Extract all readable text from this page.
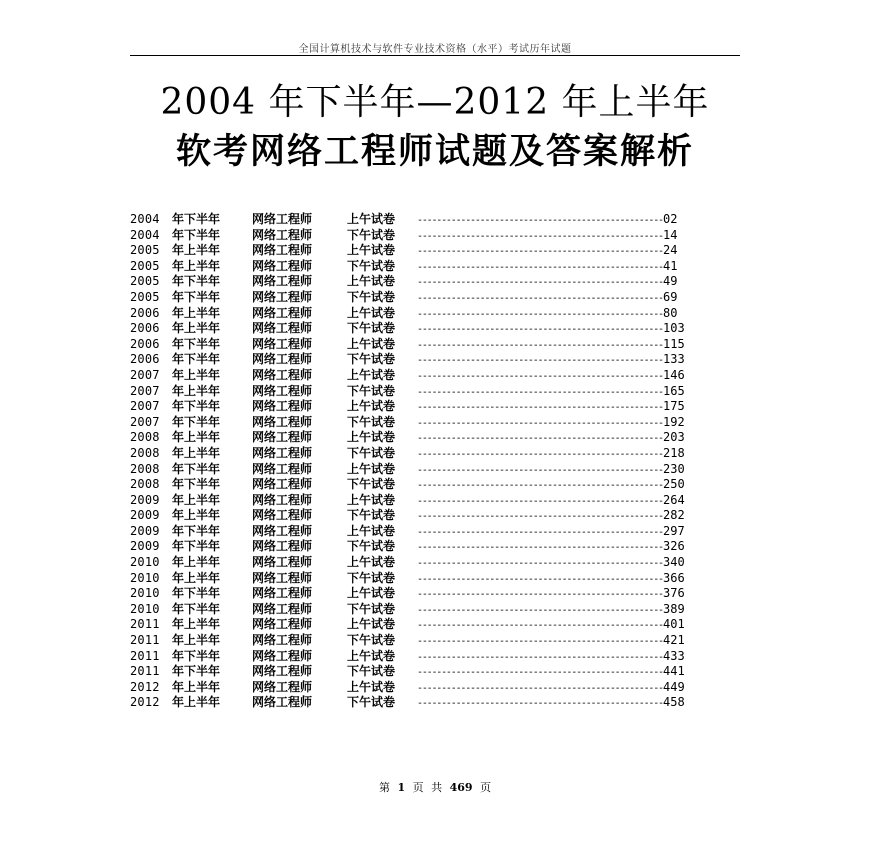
全国计算机技术与软件专业技术资格（水平）考试历年试题
2004 年下半年—2012 年上半年
软考网络工程师试题及答案解析
2004	年下半年	网络工程师	上午试卷 -----	02
2004	年下半年	网络工程师	下午试卷 -----	14
2005	年上半年	网络工程师	上午试卷 -----	24
2005	年上半年	网络工程师	下午试卷 -----	41
2005	年下半年	网络工程师	上午试卷 -----	49
2005	年下半年	网络工程师	下午试卷 -----	69
2006	年上半年	网络工程师	上午试卷 -----	80
2006	年上半年	网络工程师	下午试卷 -----	103
2006	年下半年	网络工程师	上午试卷 -----	115
2006	年下半年	网络工程师	下午试卷 -----	133
2007	年上半年	网络工程师	上午试卷 -----	146
2007	年上半年	网络工程师	下午试卷 -----	165
2007	年下半年	网络工程师	上午试卷 -----	175
2007	年下半年	网络工程师	下午试卷 -----	192
2008	年上半年	网络工程师	上午试卷 -----	203
2008	年上半年	网络工程师	下午试卷 -----	218
2008	年下半年	网络工程师	上午试卷 -----	230
2008	年下半年	网络工程师	下午试卷 -----	250
2009	年上半年	网络工程师	上午试卷 -----	264
2009	年上半年	网络工程师	下午试卷 -----	282
2009	年下半年	网络工程师	上午试卷 -----	297
2009	年下半年	网络工程师	下午试卷 -----	326
2010	年上半年	网络工程师	上午试卷 -----	340
2010	年上半年	网络工程师	下午试卷 -----	366
2010	年下半年	网络工程师	上午试卷 -----	376
2010	年下半年	网络工程师	下午试卷 -----	389
2011	年上半年	网络工程师	上午试卷 -----	401
2011	年上半年	网络工程师	下午试卷 -----	421
2011	年下半年	网络工程师	上午试卷 -----	433
2011	年下半年	网络工程师	下午试卷 -----	441
2012	年上半年	网络工程师	上午试卷 -----	449
2012	年上半年	网络工程师	下午试卷 -----	458
第 1 页 共 469 页
